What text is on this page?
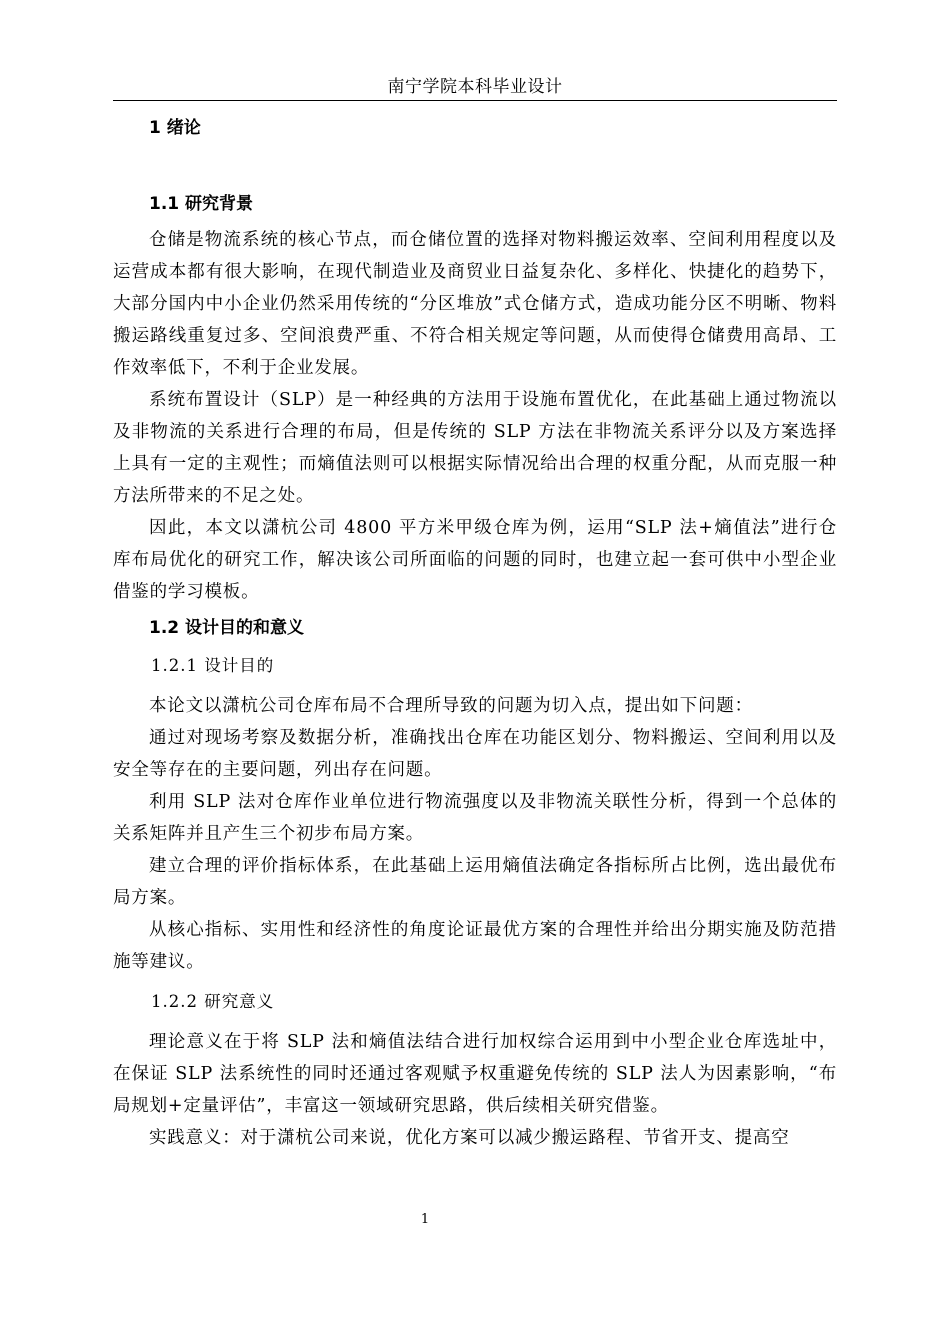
南宁学院本科毕业设计
1 绪论
1.1 研究背景

仓储是物流系统的核心节点，而仓储位置的选择对物料搬运效率、空间利用程度以及运营成本都有很大影响，在现代制造业及商贸业日益复杂化、多样化、快捷化的趋势下，大部分国内中小企业仍然采用传统的“分区堆放”式仓储方式，造成功能分区不明晰、物料搬运路线重复过多、空间浪费严重、不符合相关规定等问题，从而使得仓储费用高昂、工作效率低下，不利于企业发展。

系统布置设计（SLP）是一种经典的方法用于设施布置优化，在此基础上通过物流以及非物流的关系进行合理的布局，但是传统的 SLP 方法在非物流关系评分以及方案选择上具有一定的主观性；而熵值法则可以根据实际情况给出合理的权重分配，从而克服一种方法所带来的不足之处。

因此，本文以潇杭公司 4800 平方米甲级仓库为例，运用“SLP 法+熵值法”进行仓库布局优化的研究工作，解决该公司所面临的问题的同时，也建立起一套可供中小型企业借鉴的学习模板。

1.2 设计目的和意义
1.2.1 设计目的

本论文以潇杭公司仓库布局不合理所导致的问题为切入点，提出如下问题：

通过对现场考察及数据分析，准确找出仓库在功能区划分、物料搬运、空间利用以及安全等存在的主要问题，列出存在问题。

利用 SLP 法对仓库作业单位进行物流强度以及非物流关联性分析，得到一个总体的关系矩阵并且产生三个初步布局方案。

建立合理的评价指标体系，在此基础上运用熵值法确定各指标所占比例，选出最优布局方案。

从核心指标、实用性和经济性的角度论证最优方案的合理性并给出分期实施及防范措施等建议。

1.2.2 研究意义

理论意义在于将 SLP 法和熵值法结合进行加权综合运用到中小型企业仓库选址中，在保证 SLP 法系统性的同时还通过客观赋予权重避免传统的 SLP 法人为因素影响，“布局规划+定量评估”，丰富这一领域研究思路，供后续相关研究借鉴。

实践意义：对于潇杭公司来说，优化方案可以减少搬运路程、节省开支、提高空

1
